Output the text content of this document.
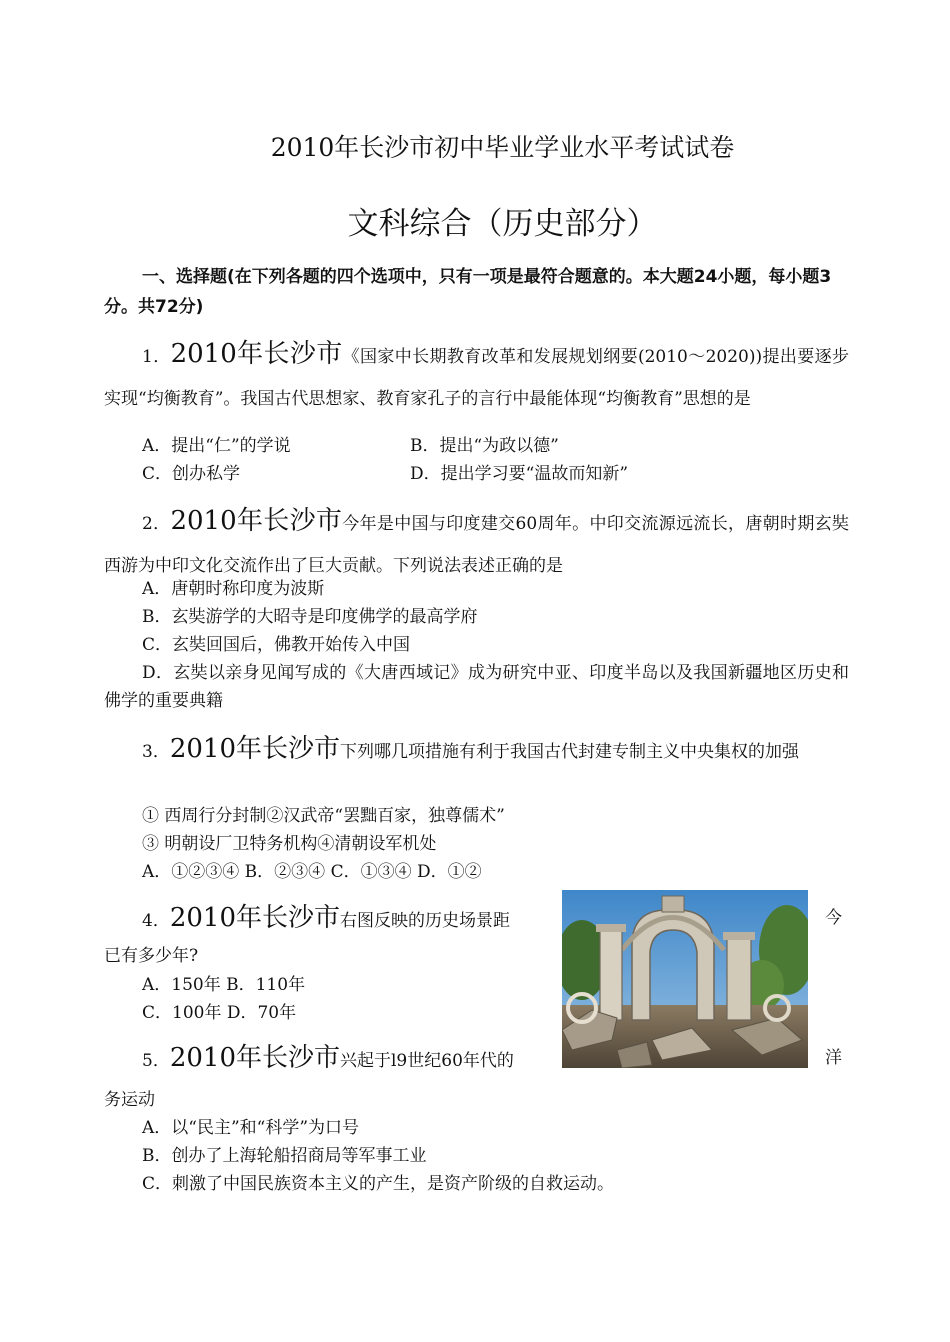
2010年长沙市初中毕业学业水平考试试卷
文科综合（历史部分）
一、选择题(在下列各题的四个选项中，只有一项是最符合题意的。本大题24小题，每小题3分。共72分)
1．2010年长沙市《国家中长期教育改革和发展规划纲要(2010～2020))提出要逐步实现“均衡教育”。我国古代思想家、教育家孔子的言行中最能体现“均衡教育”思想的是
A．提出“仁”的学说	B．提出“为政以德”
C．创办私学	D．提出学习要“温故而知新”
2．2010年长沙市今年是中国与印度建交60周年。中印交流源远流长，唐朝时期玄奘西游为中印文化交流作出了巨大贡献。下列说法表述正确的是
A．唐朝时称印度为波斯
B．玄奘游学的大昭寺是印度佛学的最高学府
C．玄奘回国后，佛教开始传入中国
D．玄奘以亲身见闻写成的《大唐西域记》成为研究中亚、印度半岛以及我国新疆地区历史和佛学的重要典籍
3．2010年长沙市下列哪几项措施有利于我国古代封建专制主义中央集权的加强
① 西周行分封制②汉武帝“罢黜百家，独尊儒术”
③ 明朝设厂卫特务机构④清朝设军机处
A．①②③④ B．②③④ C．①③④ D．①②
4．2010年长沙市右图反映的历史场景距	今
已有多少年?
A．150年 B．110年
C．100年 D．70年
5．2010年长沙市兴起于l9世纪60年代的	洋
务运动
A．以“民主”和“科学”为口号
B．创办了上海轮船招商局等军事工业
C．刺激了中国民族资本主义的产生，是资产阶级的自救运动。
